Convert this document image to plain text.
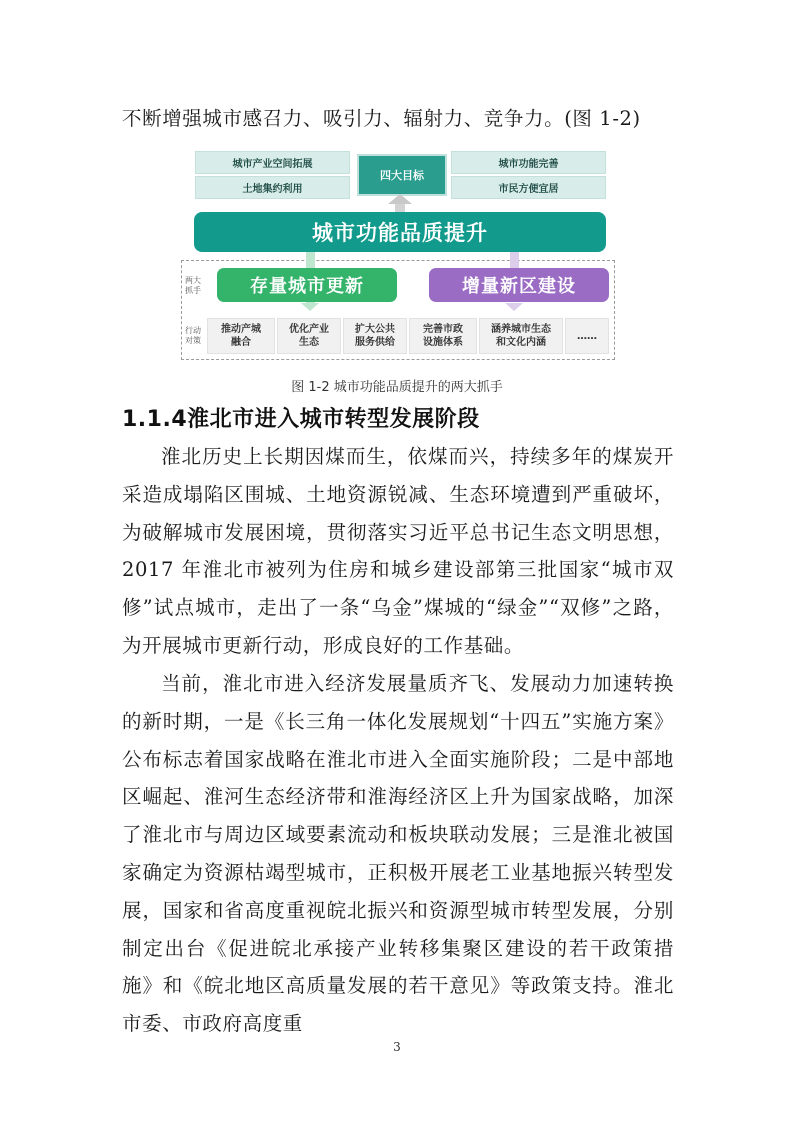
不断增强城市感召力、吸引力、辐射力、竞争力。(图 1-2)
城市产业空间拓展
土地集约利用
四大目标
城市功能完善
市民方便宜居
城市功能品质提升
两大
抓手
行动
对策
存量城市更新	增量新区建设
推动产城
融合
优化产业
生态
扩大公共
服务供给
完善市政
设施体系
涵养城市生态
和文化内涵
……
图 1-2 城市功能品质提升的两大抓手
1.1.4淮北市进入城市转型发展阶段

淮北历史上长期因煤而生，依煤而兴，持续多年的煤炭开采造成塌陷区围城、土地资源锐减、生态环境遭到严重破坏，为破解城市发展困境，贯彻落实习近平总书记生态文明思想，2017 年淮北市被列为住房和城乡建设部第三批国家“城市双修”试点城市，走出了一条“乌金”煤城的“绿金”“双修”之路，为开展城市更新行动，形成良好的工作基础。

当前，淮北市进入经济发展量质齐飞、发展动力加速转换的新时期，一是《长三角一体化发展规划“十四五”实施方案》公布标志着国家战略在淮北市进入全面实施阶段；二是中部地区崛起、淮河生态经济带和淮海经济区上升为国家战略，加深了淮北市与周边区域要素流动和板块联动发展；三是淮北被国家确定为资源枯竭型城市，正积极开展老工业基地振兴转型发展，国家和省高度重视皖北振兴和资源型城市转型发展，分别制定出台《促进皖北承接产业转移集聚区建设的若干政策措施》和《皖北地区高质量发展的若干意见》等政策支持。淮北市委、市政府高度重

3
